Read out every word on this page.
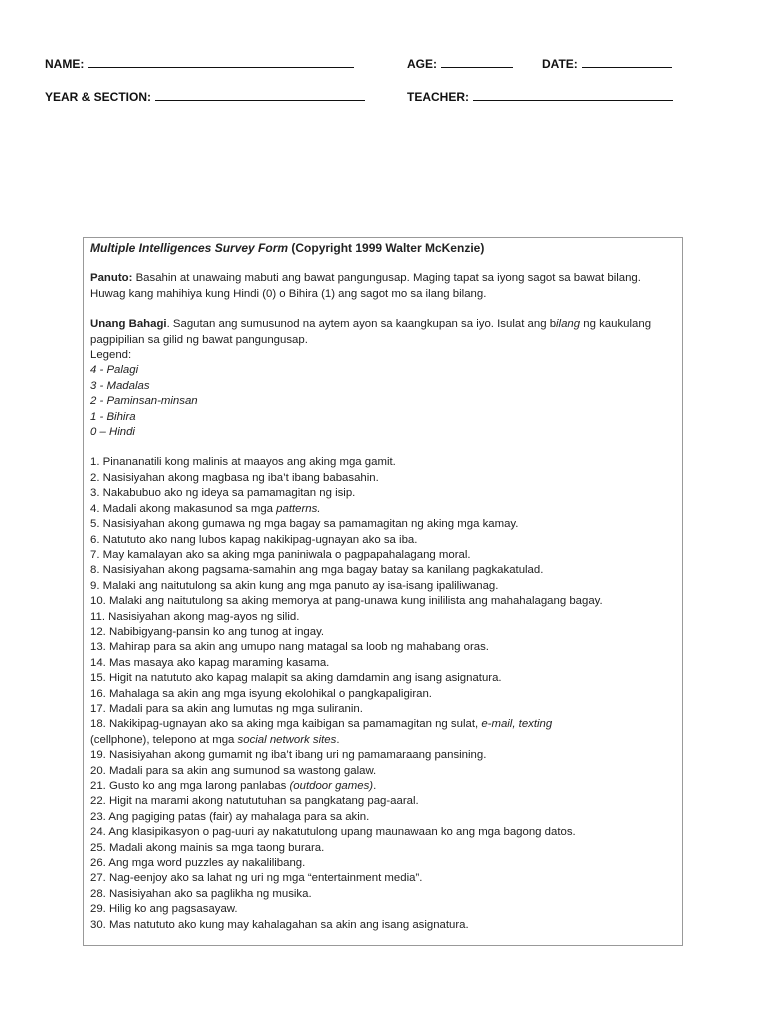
NAME:	AGE:	DATE:
YEAR & SECTION:	TEACHER:

Multiple Intelligences Survey Form (Copyright 1999 Walter McKenzie)

Panuto: Basahin at unawaing mabuti ang bawat pangungusap. Maging tapat sa iyong sagot sa bawat bilang. Huwag kang mahihiya kung Hindi (0) o Bihira (1) ang sagot mo sa ilang bilang.

Unang Bahagi. Sagutan ang sumusunod na aytem ayon sa kaangkupan sa iyo. Isulat ang bilang ng kaukulang pagpipilian sa gilid ng bawat pangungusap.

Legend:

4 - Palagi

3 - Madalas

2 - Paminsan-minsan

1 - Bihira

0 – Hindi

1. Pinananatili kong malinis at maayos ang aking mga gamit.
2. Nasisiyahan akong magbasa ng iba’t ibang babasahin.
3. Nakabubuo ako ng ideya sa pamamagitan ng isip.
4. Madali akong makasunod sa mga patterns.
5. Nasisiyahan akong gumawa ng mga bagay sa pamamagitan ng aking mga kamay.
6. Natututo ako nang lubos kapag nakikipag-ugnayan ako sa iba.
7. May kamalayan ako sa aking mga paniniwala o pagpapahalagang moral.
8. Nasisiyahan akong pagsama-samahin ang mga bagay batay sa kanilang pagkakatulad.
9. Malaki ang naitutulong sa akin kung ang mga panuto ay isa-isang ipaliliwanag.
10. Malaki ang naitutulong sa aking memorya at pang-unawa kung inililista ang mahahalagang bagay.
11. Nasisiyahan akong mag-ayos ng silid.
12. Nabibigyang-pansin ko ang tunog at ingay.
13. Mahirap para sa akin ang umupo nang matagal sa loob ng mahabang oras.
14. Mas masaya ako kapag maraming kasama.
15. Higit na natututo ako kapag malapit sa aking damdamin ang isang asignatura.
16. Mahalaga sa akin ang mga isyung ekolohikal o pangkapaligiran.
17. Madali para sa akin ang lumutas ng mga suliranin.
18. Nakikipag-ugnayan ako sa aking mga kaibigan sa pamamagitan ng sulat, e-mail, texting
(cellphone), telepono at mga social network sites.
19. Nasisiyahan akong gumamit ng iba’t ibang uri ng pamamaraang pansining.
20. Madali para sa akin ang sumunod sa wastong galaw.
21. Gusto ko ang mga larong panlabas (outdoor games).
22. Higit na marami akong natututuhan sa pangkatang pag-aaral.
23. Ang pagiging patas (fair) ay mahalaga para sa akin.
24. Ang klasipikasyon o pag-uuri ay nakatutulong upang maunawaan ko ang mga bagong datos.
25. Madali akong mainis sa mga taong burara.
26. Ang mga word puzzles ay nakalilibang.
27. Nag-eenjoy ako sa lahat ng uri ng mga “entertainment media”.
28. Nasisiyahan ako sa paglikha ng musika.
29. Hilig ko ang pagsasayaw.
30. Mas natututo ako kung may kahalagahan sa akin ang isang asignatura.
